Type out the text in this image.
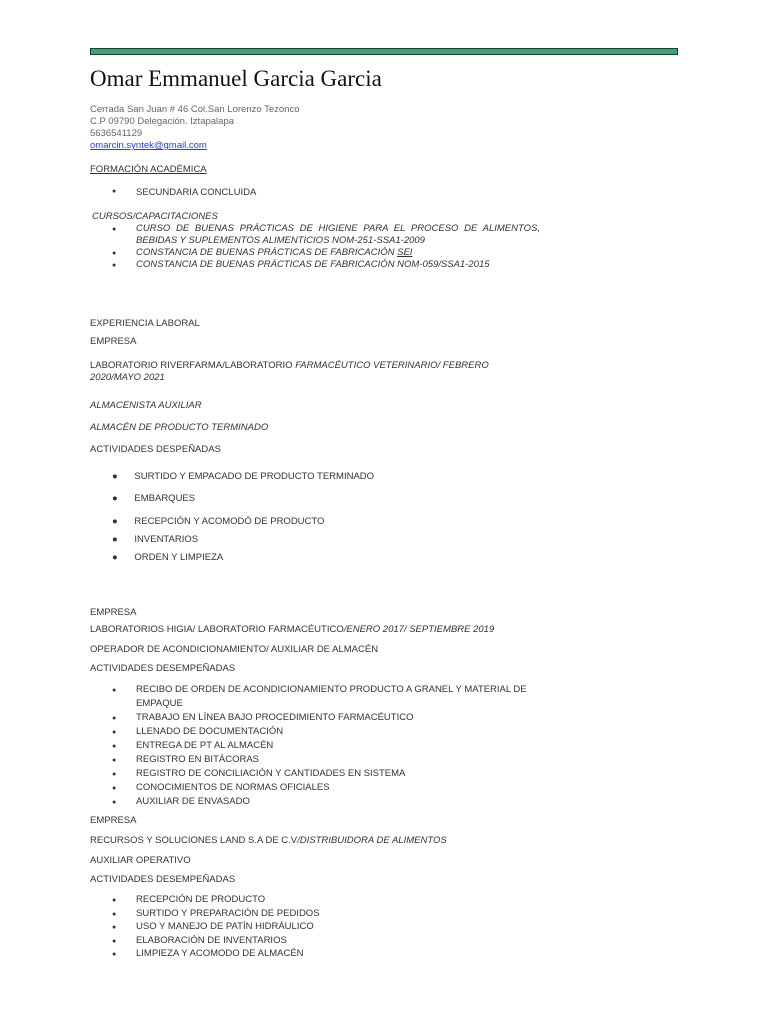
Omar Emmanuel Garcia Garcia
Cerrada San Juan # 46 Col.San Lorenzo Tezonco
C.P 09790 Delegación. Iztapalapa
5636541129
omarcin.syntek@gmail.com
FORMACIÓN ACADÉMICA
● SECUNDARIA CONCLUIDA
CURSOS/CAPACITACIONES
● CURSO DE BUENAS PRÁCTICAS DE HIGIENE PARA EL PROCESO DE ALIMENTOS, BEBIDAS Y SUPLEMENTOS ALIMENTICIOS NOM-251-SSA1-2009
● CONSTANCIA DE BUENAS PRÁCTICAS DE FABRICACIÓN SEI
● CONSTANCIA DE BUENAS PRÁCTICAS DE FABRICACIÓN NOM-059/SSA1-2015
EXPERIENCIA LABORAL
EMPRESA
LABORATORIO RIVERFARMA/LABORATORIO FARMACÉUTICO VETERINARIO/ FEBRERO
2020/MAYO 2021
ALMACENISTA AUXILIAR
ALMACÉN DE PRODUCTO TERMINADO
ACTIVIDADES DESPEÑADAS
● SURTIDO Y EMPACADO DE PRODUCTO TERMINADO
● EMBARQUES
● RECEPCIÓN Y ACOMODÓ DE PRODUCTO
● INVENTARIOS
● ORDEN Y LIMPIEZA
EMPRESA
LABORATORIOS HIGIA/ LABORATORIO FARMACÉUTICO/ENERO 2017/ SEPTIEMBRE 2019
OPERADOR DE ACONDICIONAMIENTO/ AUXILIAR DE ALMACÉN
ACTIVIDADES DESEMPEÑADAS
● RECIBO DE ORDEN DE ACONDICIONAMIENTO PRODUCTO A GRANEL Y MATERIAL DE EMPAQUE
● TRABAJO EN LÍNEA BAJO PROCEDIMIENTO FARMACÉUTICO
● LLENADO DE DOCUMENTACIÓN
● ENTREGA DE PT AL ALMACÉN
● REGISTRO EN BITÁCORAS
● REGISTRO DE CONCILIACIÓN Y CANTIDADES EN SISTEMA
● CONOCIMIENTOS DE NORMAS OFICIALES
● AUXILIAR DE ENVASADO
EMPRESA
RECURSOS Y SOLUCIONES LAND S.A DE C.V/DISTRIBUIDORA DE ALIMENTOS
AUXILIAR OPERATIVO
ACTIVIDADES DESEMPEÑADAS
● RECEPCIÓN DE PRODUCTO
● SURTIDO Y PREPARACIÓN DE PEDIDOS
● USO Y MANEJO DE PATÍN HIDRÁULICO
● ELABORACIÓN DE INVENTARIOS
● LIMPIEZA Y ACOMODO DE ALMACÉN
